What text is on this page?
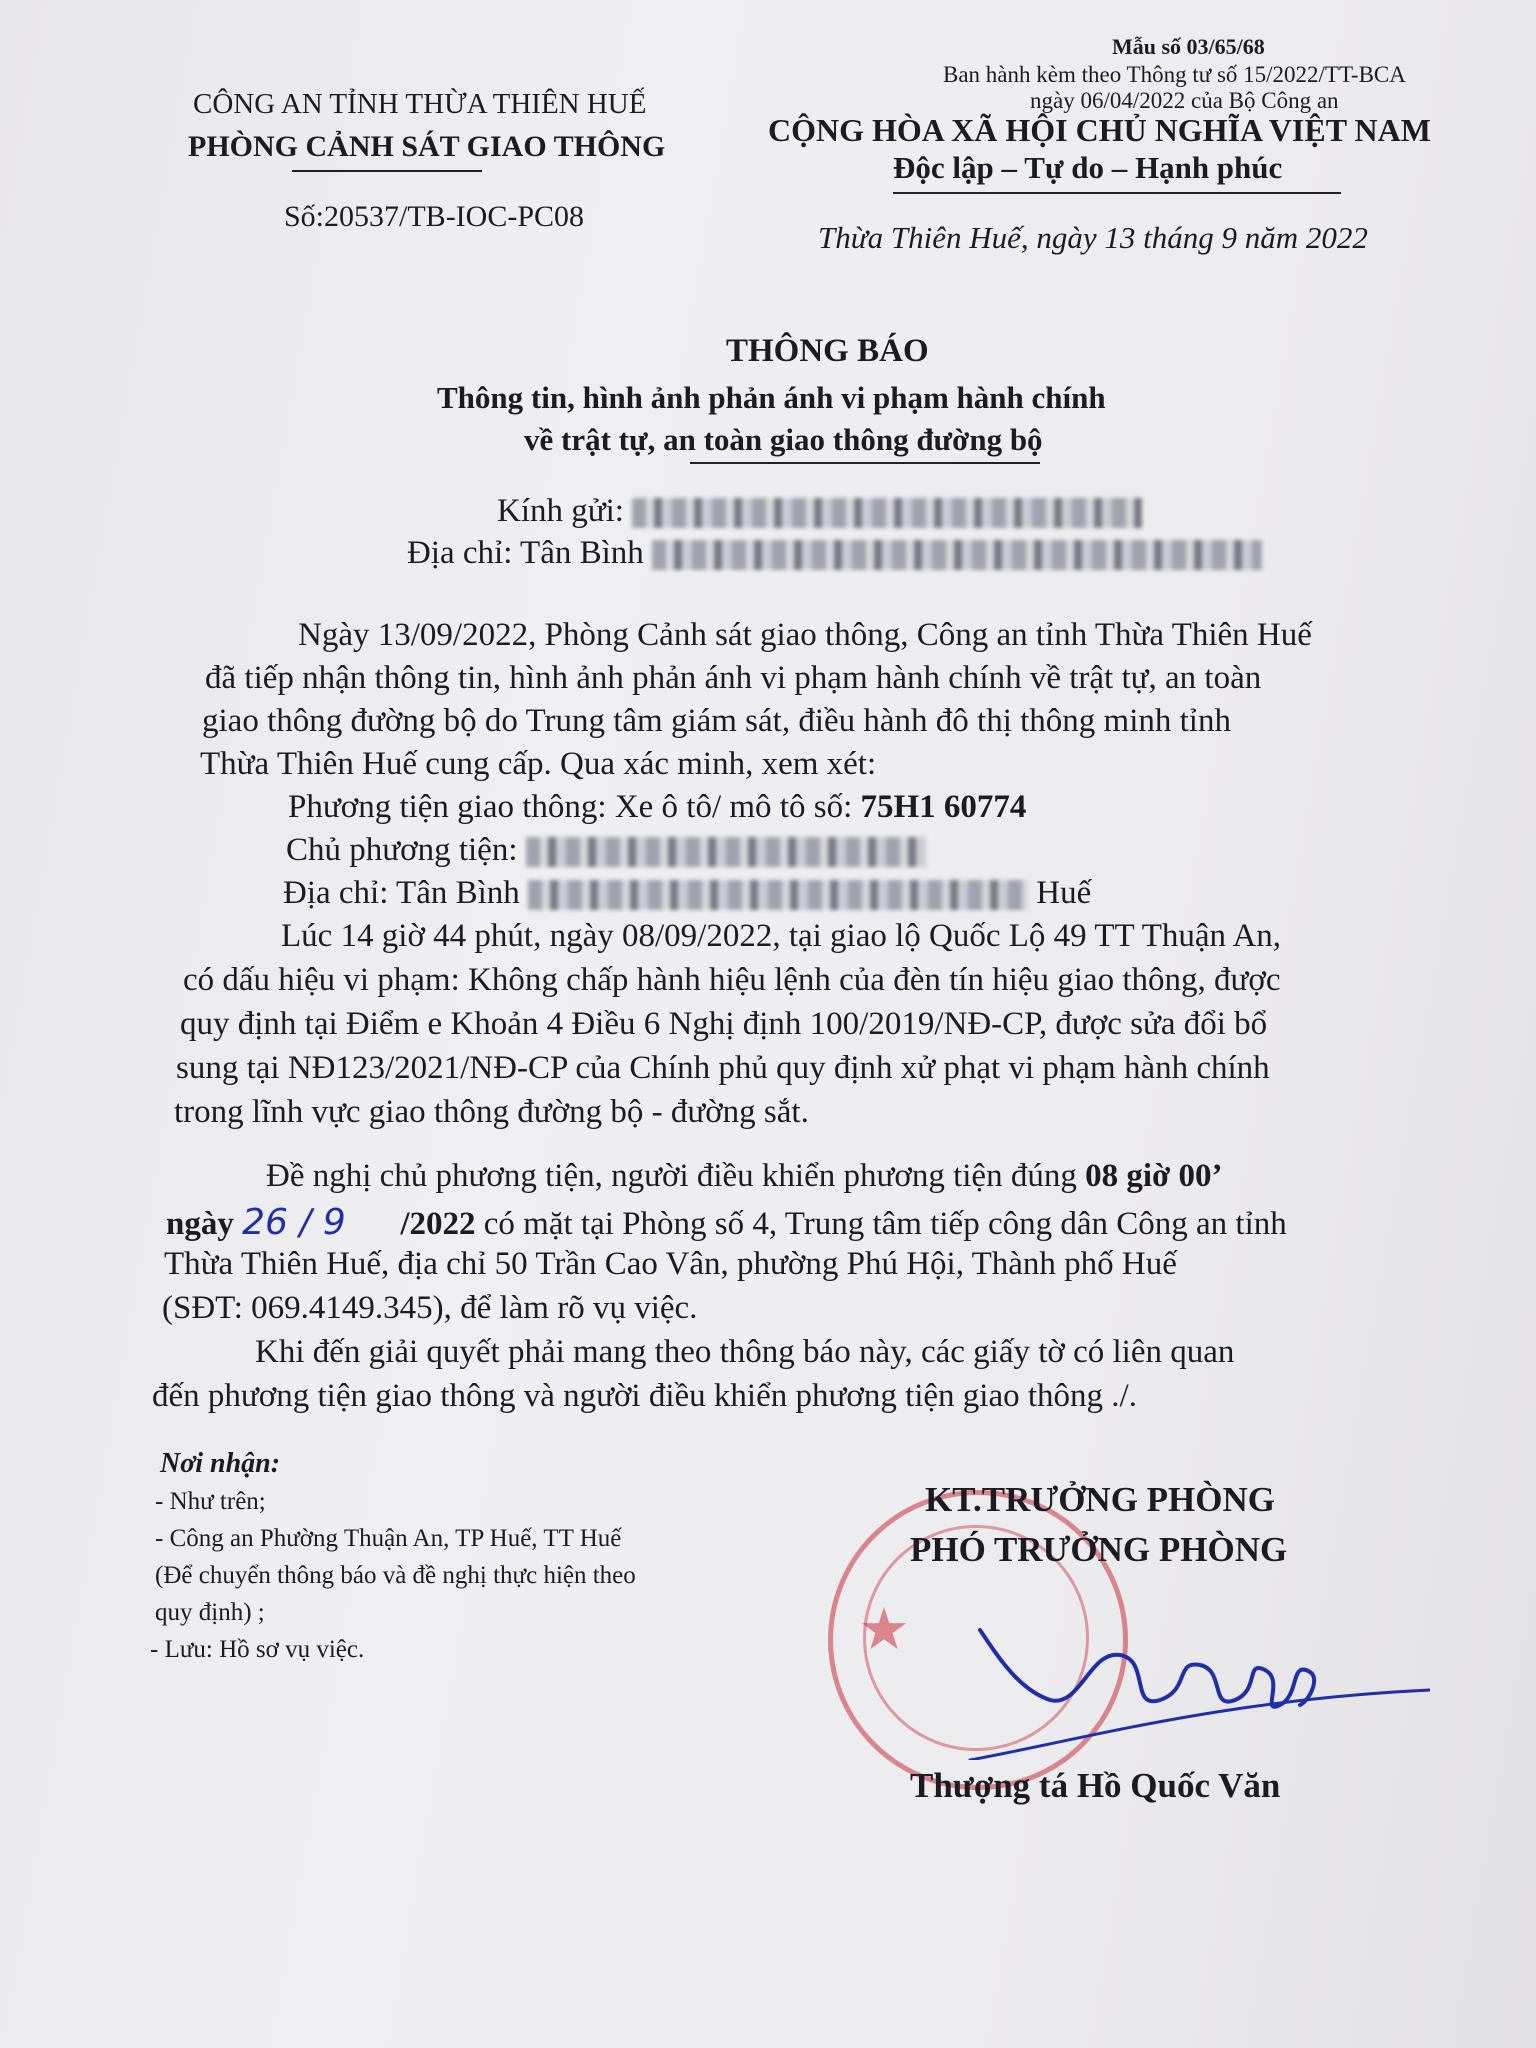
Mẫu số 03/65/68
Ban hành kèm theo Thông tư số 15/2022/TT-BCA
ngày 06/04/2022 của Bộ Công an
CÔNG AN TỈNH THỪA THIÊN HUẾ
PHÒNG CẢNH SÁT GIAO THÔNG
Số:20537/TB-IOC-PC08
CỘNG HÒA XÃ HỘI CHỦ NGHĨA VIỆT NAM
Độc lập – Tự do – Hạnh phúc
Thừa Thiên Huế, ngày 13 tháng 9 năm 2022
THÔNG BÁO
Thông tin, hình ảnh phản ánh vi phạm hành chính
về trật tự, an toàn giao thông đường bộ
Kính gửi:
Địa chỉ: Tân Bình
Ngày 13/09/2022, Phòng Cảnh sát giao thông, Công an tỉnh Thừa Thiên Huế
đã tiếp nhận thông tin, hình ảnh phản ánh vi phạm hành chính về trật tự, an toàn
giao thông đường bộ do Trung tâm giám sát, điều hành đô thị thông minh tỉnh
Thừa Thiên Huế cung cấp. Qua xác minh, xem xét:
Phương tiện giao thông: Xe ô tô/ mô tô số: 75H1 60774
Chủ phương tiện:
Địa chỉ: Tân Bình	Huế
Lúc 14 giờ 44 phút, ngày 08/09/2022, tại giao lộ Quốc Lộ 49 TT Thuận An,
có dấu hiệu vi phạm: Không chấp hành hiệu lệnh của đèn tín hiệu giao thông, được
quy định tại Điểm e Khoản 4 Điều 6 Nghị định 100/2019/NĐ-CP, được sửa đổi bổ
sung tại NĐ123/2021/NĐ-CP của Chính phủ quy định xử phạt vi phạm hành chính
trong lĩnh vực giao thông đường bộ - đường sắt.
Đề nghị chủ phương tiện, người điều khiển phương tiện đúng 08 giờ 00’
ngày 26 / 9 /2022 có mặt tại Phòng số 4, Trung tâm tiếp công dân Công an tỉnh
Thừa Thiên Huế, địa chỉ 50 Trần Cao Vân, phường Phú Hội, Thành phố Huế
(SĐT: 069.4149.345), để làm rõ vụ việc.
Khi đến giải quyết phải mang theo thông báo này, các giấy tờ có liên quan
đến phương tiện giao thông và người điều khiển phương tiện giao thông ./.
Nơi nhận:
- Như trên;
- Công an Phường Thuận An, TP Huế, TT Huế
(Để chuyển thông báo và đề nghị thực hiện theo
quy định) ;
- Lưu: Hồ sơ vụ việc.	★
KT.TRƯỞNG PHÒNG
PHÓ TRƯỞNG PHÒNG
Thượng tá Hồ Quốc Văn
